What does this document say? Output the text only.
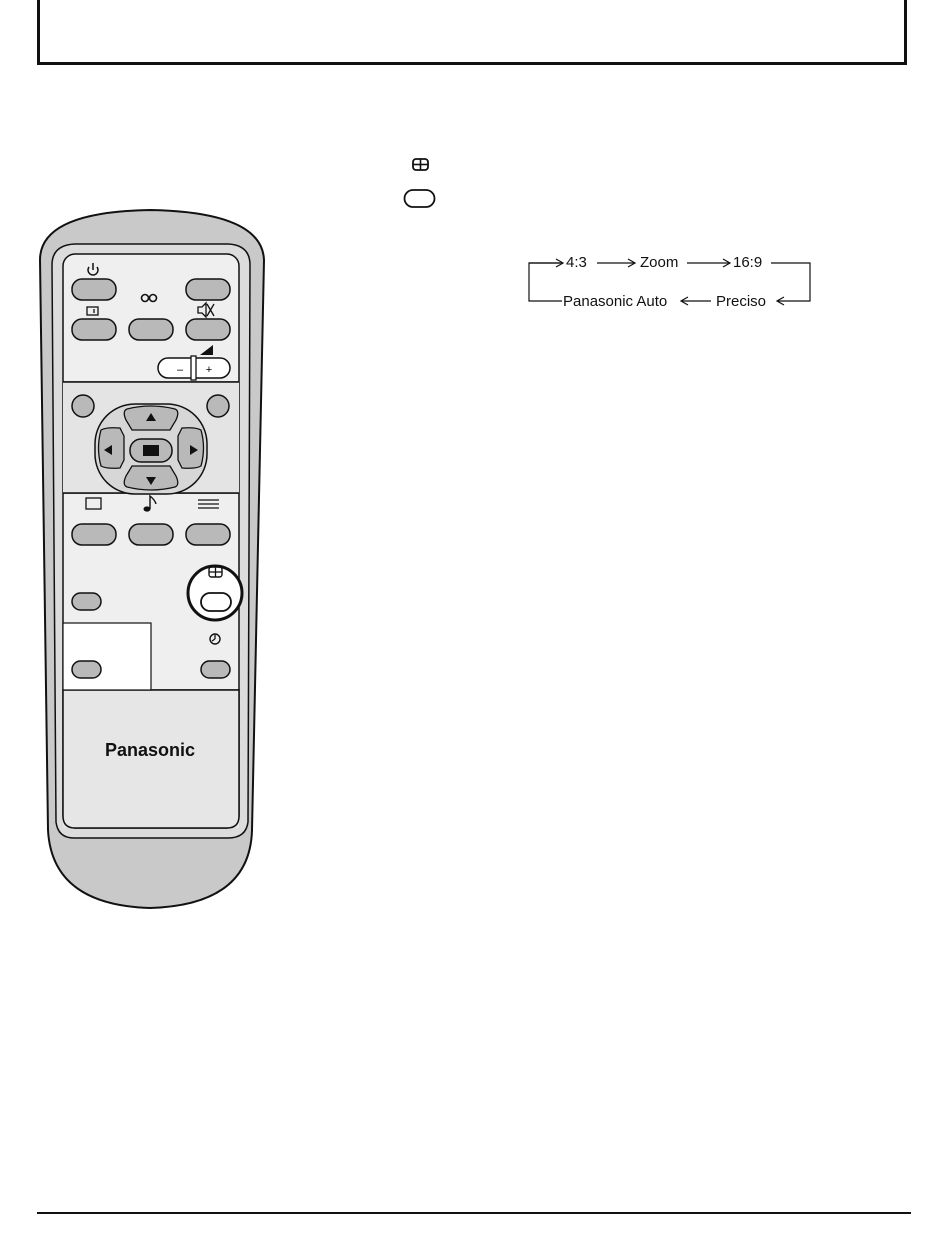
– +
Panasonic
4:3	Zoom	16:9
Preciso
Panasonic Auto
